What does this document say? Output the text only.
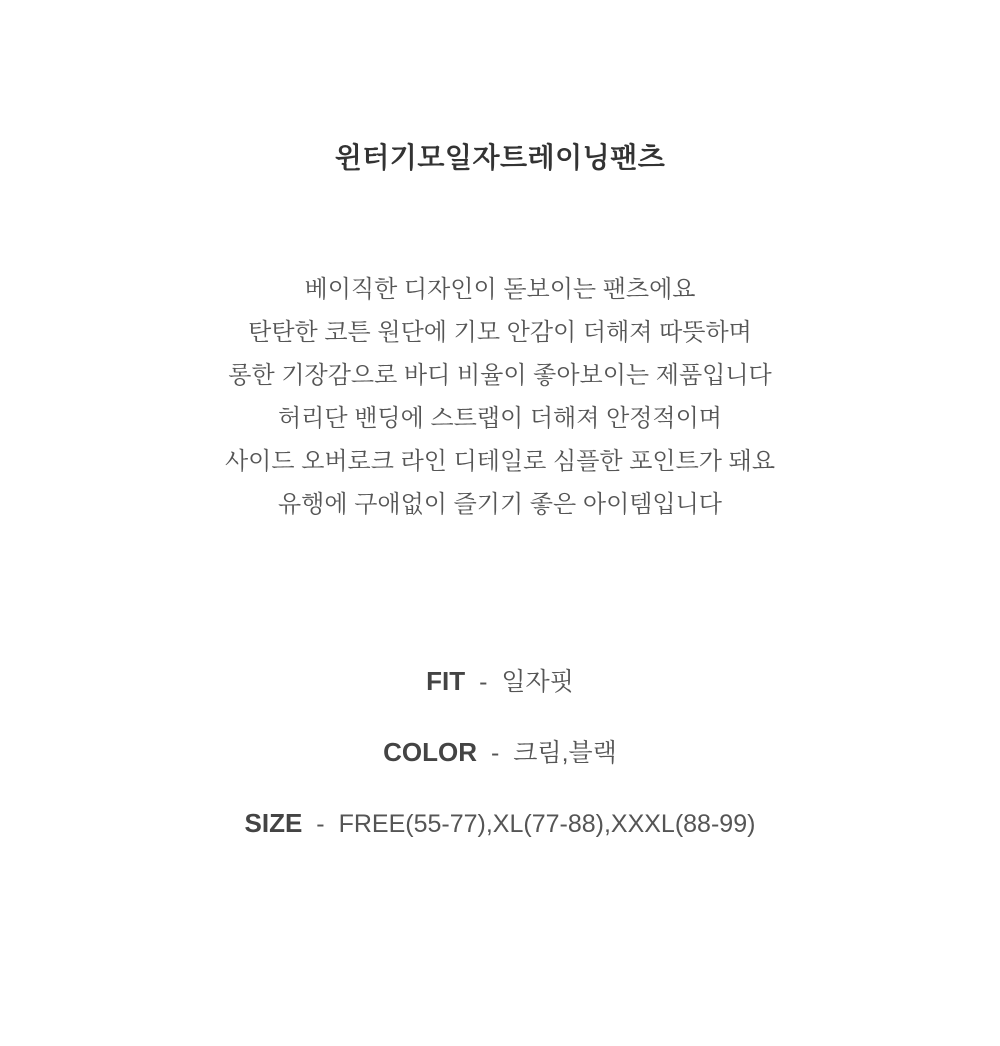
윈터기모일자트레이닝팬츠
베이직한 디자인이 돋보이는 팬츠에요
탄탄한 코튼 원단에 기모 안감이 더해져 따뜻하며
롱한 기장감으로 바디 비율이 좋아보이는 제품입니다
허리단 밴딩에 스트랩이 더해져 안정적이며
사이드 오버로크 라인 디테일로 심플한 포인트가 돼요
유행에 구애없이 즐기기 좋은 아이템입니다
FIT - 일자핏
COLOR - 크림,블랙
SIZE - FREE(55-77),XL(77-88),XXXL(88-99)
